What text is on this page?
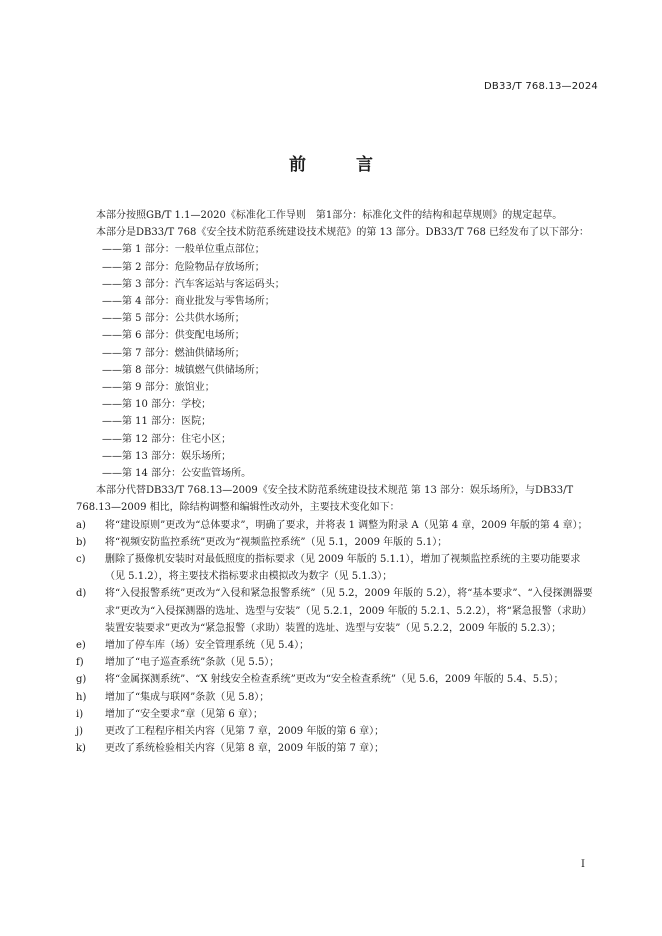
DB33/T 768.13—2024
前 言

本部分按照GB/T 1.1—2020《标准化工作导则　第1部分：标准化文件的结构和起草规则》的规定起草。

本部分是DB33/T 768《安全技术防范系统建设技术规范》的第 13 部分。DB33/T 768 已经发布了以下部分：

——第 1 部分：一般单位重点部位；

——第 2 部分：危险物品存放场所；

——第 3 部分：汽车客运站与客运码头；

——第 4 部分：商业批发与零售场所；

——第 5 部分：公共供水场所；

——第 6 部分：供变配电场所；

——第 7 部分：燃油供储场所；

——第 8 部分：城镇燃气供储场所；

——第 9 部分：旅馆业；

——第 10 部分：学校；

——第 11 部分：医院；

——第 12 部分：住宅小区；

——第 13 部分：娱乐场所；

——第 14 部分：公安监管场所。

本部分代替DB33/T 768.13—2009《安全技术防范系统建设技术规范 第 13 部分：娱乐场所》，与DB33/T 768.13—2009 相比，除结构调整和编辑性改动外，主要技术变化如下：

a)	将“建设原则”更改为“总体要求”，明确了要求，并将表 1 调整为附录 A（见第 4 章，2009 年版的第 4 章）；
b)	将“视频安防监控系统”更改为“视频监控系统”（见 5.1，2009 年版的 5.1）；
c)	删除了摄像机安装时对最低照度的指标要求（见 2009 年版的 5.1.1），增加了视频监控系统的主要功能要求（见 5.1.2），将主要技术指标要求由模拟改为数字（见 5.1.3）；
d)	将“入侵报警系统”更改为“入侵和紧急报警系统”（见 5.2，2009 年版的 5.2），将“基本要求”、“入侵探测器要求”更改为“入侵探测器的选址、选型与安装”（见 5.2.1，2009 年版的 5.2.1、5.2.2），将“紧急报警（求助）装置安装要求”更改为“紧急报警（求助）装置的选址、选型与安装”（见 5.2.2，2009 年版的 5.2.3）；
e)	增加了停车库（场）安全管理系统（见 5.4）；
f)	增加了“电子巡查系统”条款（见 5.5）；
g)	将“金属探测系统”、“X 射线安全检查系统”更改为“安全检查系统”（见 5.6，2009 年版的 5.4、5.5）；
h)	增加了“集成与联网”条款（见 5.8）；
i)	增加了“安全要求”章（见第 6 章）；
j)	更改了工程程序相关内容（见第 7 章，2009 年版的第 6 章）；
k)	更改了系统检验相关内容（见第 8 章，2009 年版的第 7 章）；
I
